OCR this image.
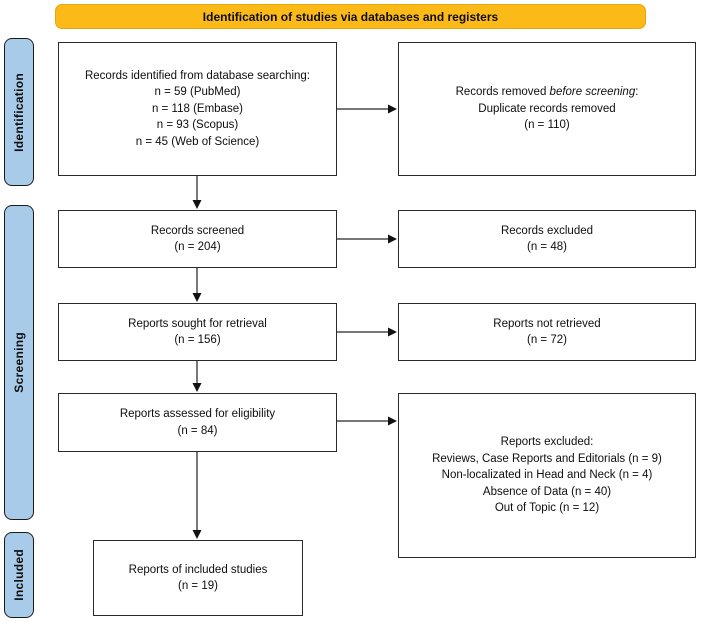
Identification of studies via databases and registers
Identification
Screening
Included
Records identified from database searching:
n = 59 (PubMed)
n = 118 (Embase)
n = 93 (Scopus)
n = 45 (Web of Science)
Records removed before screening:
Duplicate records removed
(n = 110)
Records screened
(n = 204)
Records excluded
(n = 48)
Reports sought for retrieval
(n = 156)
Reports not retrieved
(n = 72)
Reports assessed for eligibility
(n = 84)
Reports excluded:
Reviews, Case Reports and Editorials (n = 9)
Non-localizated in Head and Neck (n = 4)
Absence of Data (n = 40)
Out of Topic (n = 12)
Reports of included studies
(n = 19)
